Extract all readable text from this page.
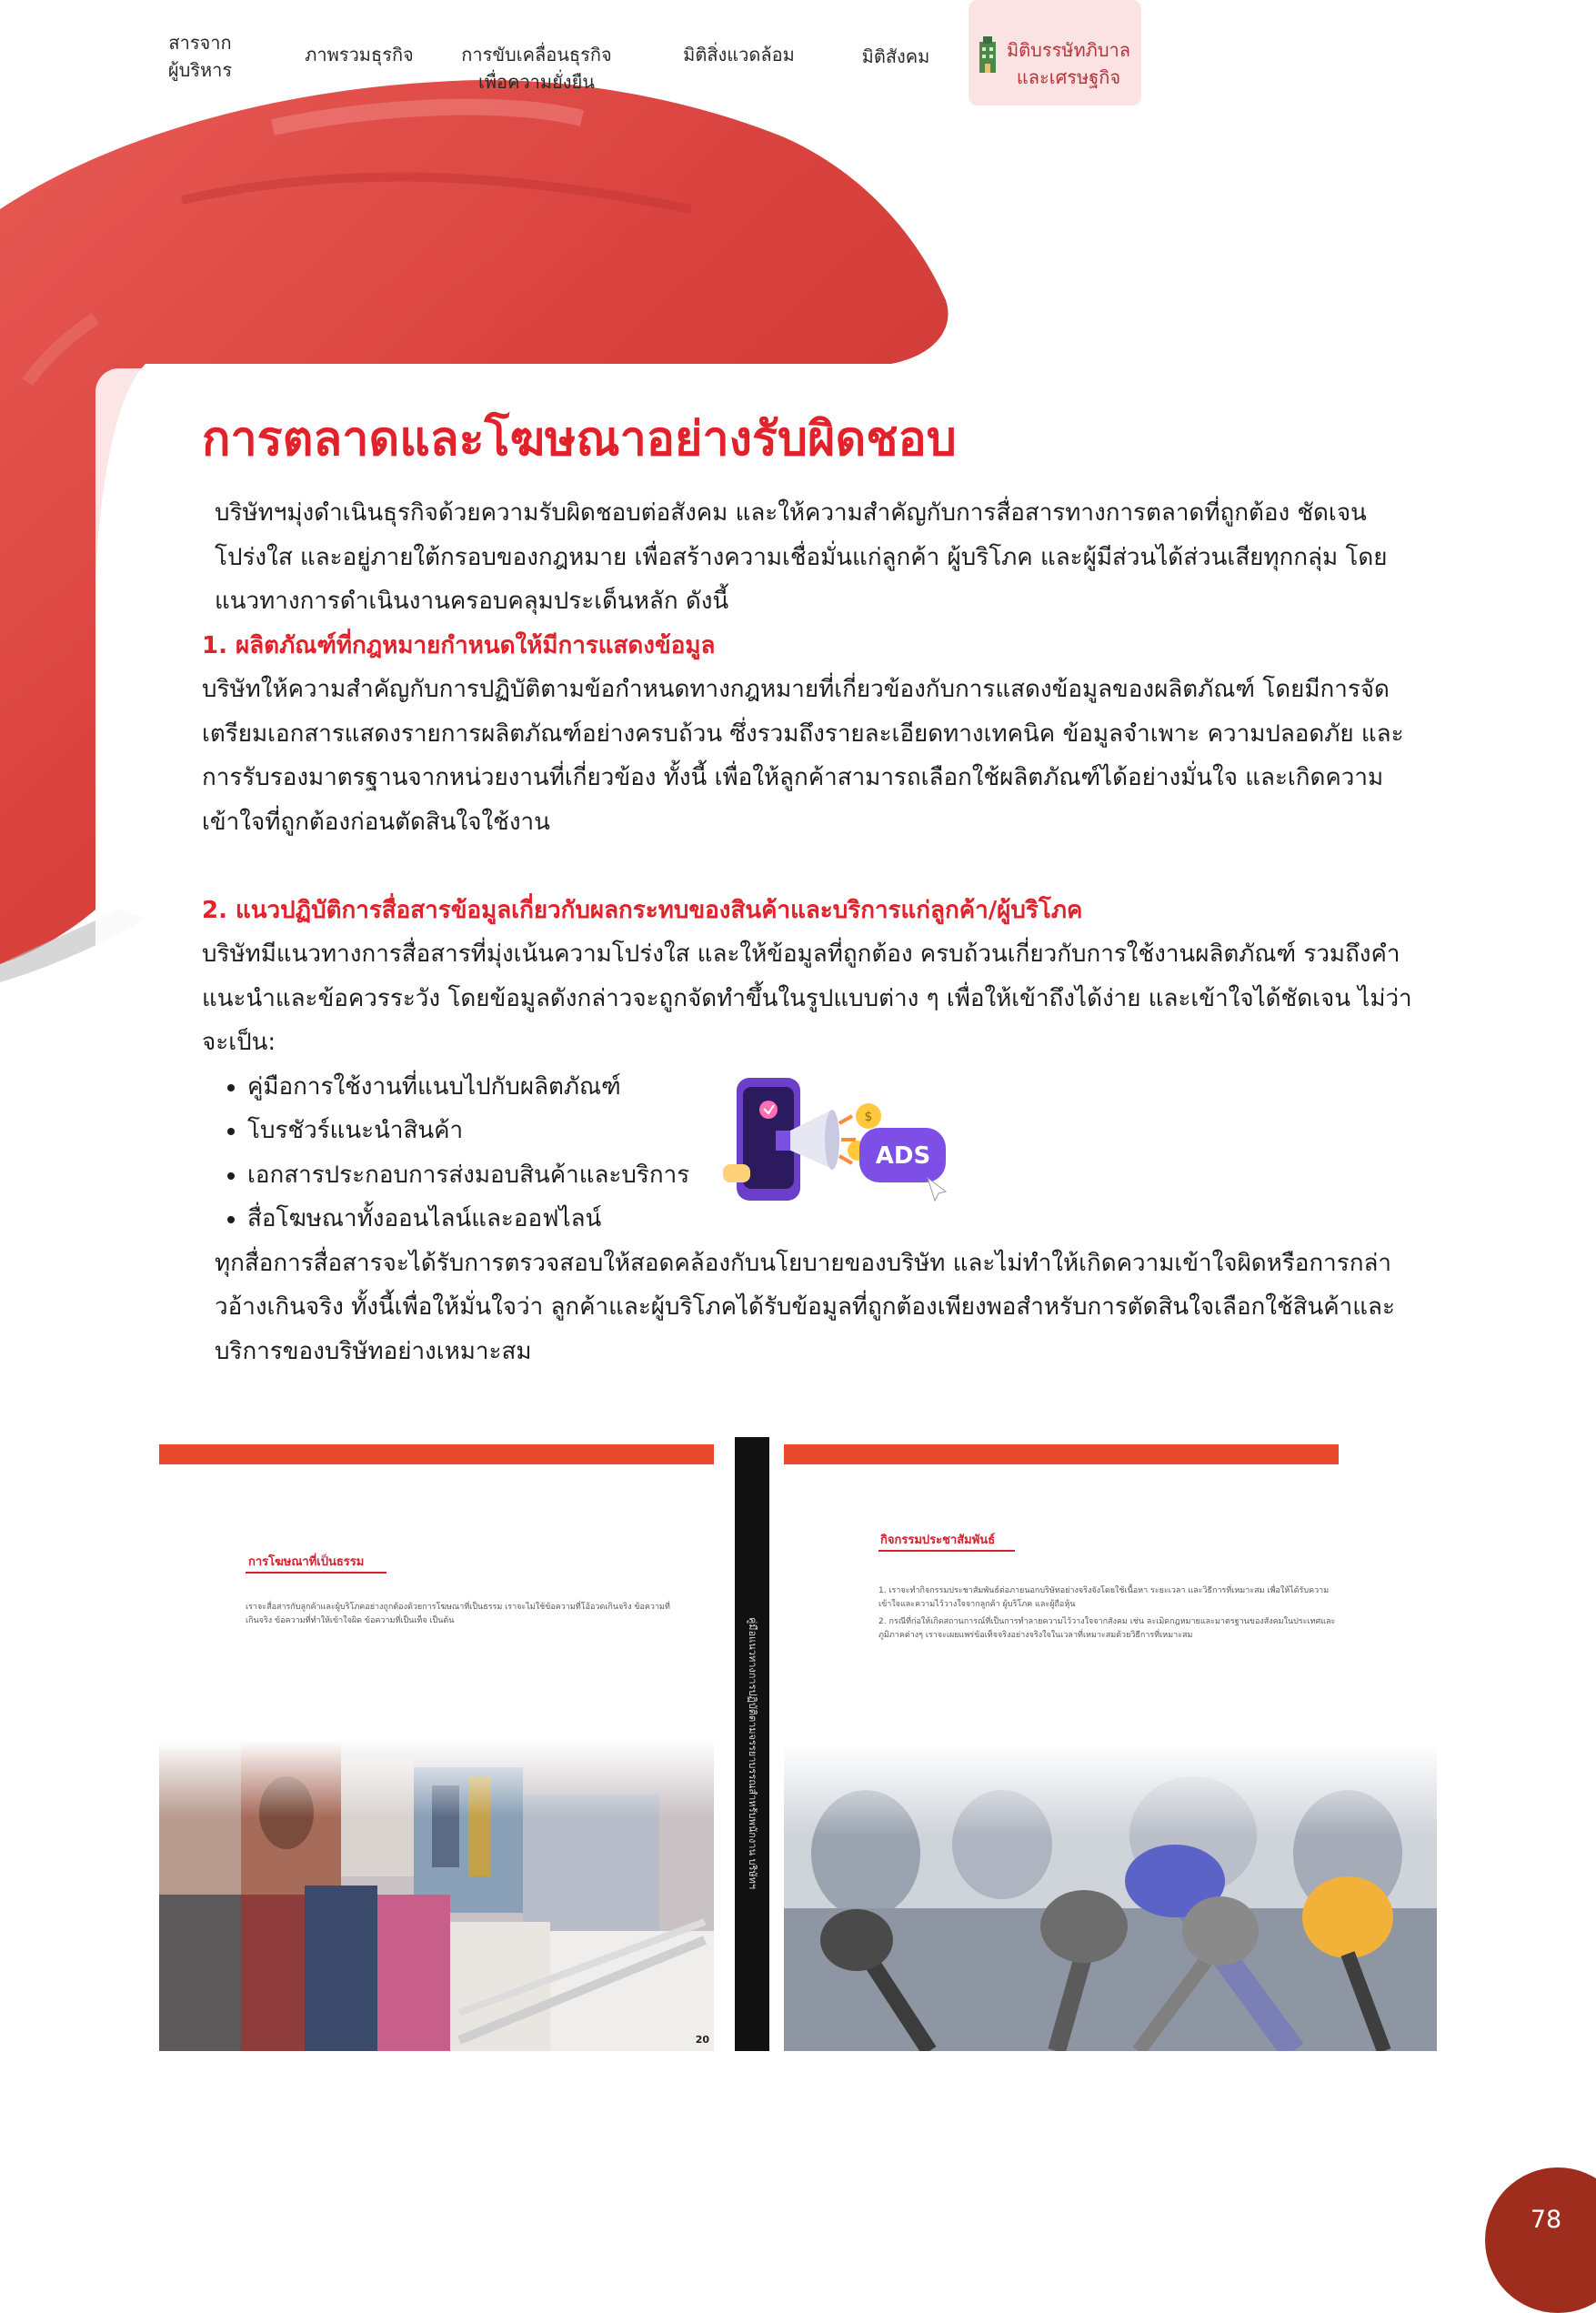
สารจาก
ผู้บริหาร
ภาพรวมธุรกิจ	การขับเคลื่อนธุรกิจ
เพื่อความยั่งยืน
มิติสิ่งแวดล้อม	มิติสังคม	มิติบรรษัทภิบาล
และเศรษฐกิจ
การตลาดและโฆษณาอย่างรับผิดชอบ

บริษัทฯมุ่งดำเนินธุรกิจด้วยความรับผิดชอบต่อสังคม และให้ความสำคัญกับการสื่อสารทางการตลาดที่ถูกต้อง ชัดเจน โปร่งใส และอยู่ภายใต้กรอบของกฎหมาย เพื่อสร้างความเชื่อมั่นแก่ลูกค้า ผู้บริโภค และผู้มีส่วนได้ส่วนเสียทุกกลุ่ม โดยแนวทางการดำเนินงานครอบคลุมประเด็นหลัก ดังนี้

1. ผลิตภัณฑ์ที่กฎหมายกำหนดให้มีการแสดงข้อมูล

บริษัทให้ความสำคัญกับการปฏิบัติตามข้อกำหนดทางกฎหมายที่เกี่ยวข้องกับการแสดงข้อมูลของผลิตภัณฑ์ โดยมีการจัดเตรียมเอกสารแสดงรายการผลิตภัณฑ์อย่างครบถ้วน ซึ่งรวมถึงรายละเอียดทางเทคนิค ข้อมูลจำเพาะ ความปลอดภัย และการรับรองมาตรฐานจากหน่วยงานที่เกี่ยวข้อง ทั้งนี้ เพื่อให้ลูกค้าสามารถเลือกใช้ผลิตภัณฑ์ได้อย่างมั่นใจ และเกิดความเข้าใจที่ถูกต้องก่อนตัดสินใจใช้งาน

2. แนวปฏิบัติการสื่อสารข้อมูลเกี่ยวกับผลกระทบของสินค้าและบริการแก่ลูกค้า/ผู้บริโภค

บริษัทมีแนวทางการสื่อสารที่มุ่งเน้นความโปร่งใส และให้ข้อมูลที่ถูกต้อง ครบถ้วนเกี่ยวกับการใช้งานผลิตภัณฑ์ รวมถึงคำแนะนำและข้อควรระวัง โดยข้อมูลดังกล่าวจะถูกจัดทำขึ้นในรูปแบบต่าง ๆ เพื่อให้เข้าถึงได้ง่าย และเข้าใจได้ชัดเจน ไม่ว่าจะเป็น:

• คู่มือการใช้งานที่แนบไปกับผลิตภัณฑ์
• โบรชัวร์แนะนำสินค้า
• เอกสารประกอบการส่งมอบสินค้าและบริการ
• สื่อโฆษณาทั้งออนไลน์และออฟไลน์

ทุกสื่อการสื่อสารจะได้รับการตรวจสอบให้สอดคล้องกับนโยบายของบริษัท และไม่ทำให้เกิดความเข้าใจผิดหรือการกล่าวอ้างเกินจริง ทั้งนี้เพื่อให้มั่นใจว่า ลูกค้าและผู้บริโภคได้รับข้อมูลที่ถูกต้องเพียงพอสำหรับการตัดสินใจเลือกใช้สินค้าและบริการของบริษัทอย่างเหมาะสม

$
ADS
การโฆษณาที่เป็นธรรม
เราจะสื่อสารกับลูกค้าและผู้บริโภคอย่างถูกต้องด้วยการโฆษณาที่เป็นธรรม เราจะไม่ใช้ข้อความที่โอ้อวดเกินจริง ข้อความที่เกินจริง ข้อความที่ทำให้เข้าใจผิด ข้อความที่เป็นเท็จ เป็นต้น
20
คู่มือแนวทางการปฏิบัติตามจรรยาบรรณสำหรับพนักงาน บริษัทฯ
กิจกรรมประชาสัมพันธ์
1. เราจะทำกิจกรรมประชาสัมพันธ์ต่อภายนอกบริษัทอย่างจริงจังโดยใช้เนื้อหา ระยะเวลา และวิธีการที่เหมาะสม เพื่อให้ได้รับความเข้าใจและความไว้วางใจจากลูกค้า ผู้บริโภค และผู้ถือหุ้น
2. กรณีที่ก่อให้เกิดสถานการณ์ที่เป็นการทำลายความไว้วางใจจากสังคม เช่น ละเมิดกฎหมายและมาตรฐานของสังคมในประเทศและภูมิภาคต่างๆ เราจะเผยแพร่ข้อเท็จจริงอย่างจริงใจในเวลาที่เหมาะสมด้วยวิธีการที่เหมาะสม
78
